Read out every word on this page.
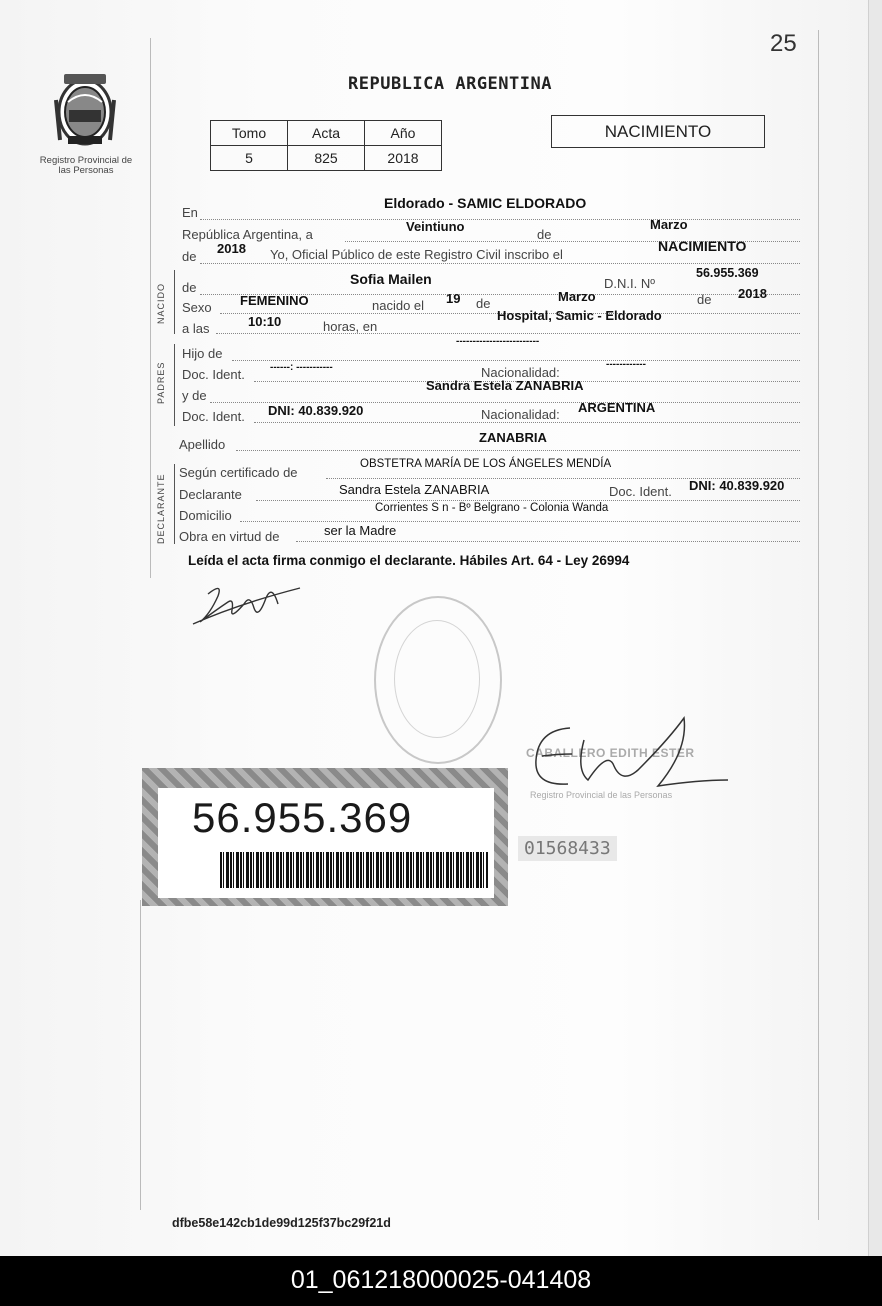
25
Registro Provincial de las Personas
REPUBLICA ARGENTINA
Tomo	Acta	Año
5	825	2018
NACIMIENTO
En
Eldorado - SAMIC ELDORADO
República Argentina, a
Veintiuno
de
Marzo
de
2018 Yo, Oficial Público de este Registro Civil inscribo el
NACIMIENTO
NACIDO de
Sofia Mailen	D.N.I. Nº
56.955.369
Sexo FEMENINO	nacido el 19 de	Marzo	de 2018
a las	10:10	horas, en
Hospital, Samic - Eldorado
PADRES
Hijo de
-------------------------
Doc. Ident.	------: -----------	Nacionalidad:
------------
y de
Sandra Estela ZANABRIA
Doc. Ident. DNI: 40.839.920	Nacionalidad: ARGENTINA
Apellido	ZANABRIA
DECLARANTE
Según certificado de
OBSTETRA MARÍA DE LOS ÁNGELES MENDÍA
Declarante	Sandra Estela ZANABRIA	Doc. Ident. DNI: 40.839.920
Domicilio	Corrientes S n - Bº Belgrano - Colonia Wanda
Obra en virtud de	ser la Madre
Leída el acta firma conmigo el declarante. Hábiles Art. 64 - Ley 26994
CABALLERO EDITH ESTER
Registro Provincial de las Personas
56.955.369
01568433
dfbe58e142cb1de99d125f37bc29f21d
01_061218000025-041408
